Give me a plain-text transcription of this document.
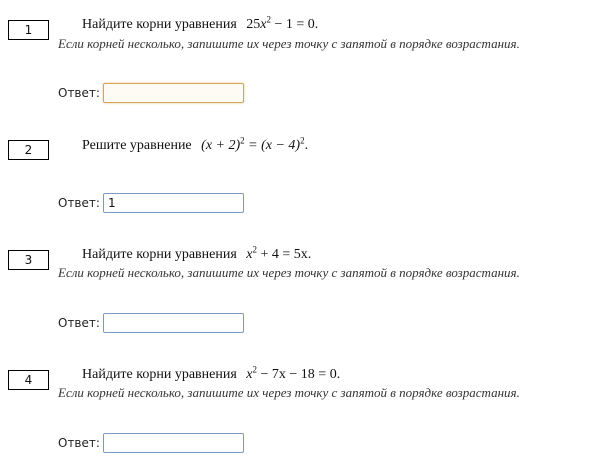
1	Найдите корни уравнения $25x^2 - 1 = 0$.
Если корней несколько, запишите их через точку с запятой в порядке возрастания.
Ответ:
2	Решите уравнение $(x + 2)^2 = (x - 4)^2$.
Ответ:
1
3	Найдите корни уравнения $x^2 + 4 = 5x$.
Если корней несколько, запишите их через точку с запятой в порядке возрастания.
Ответ:
4	Найдите корни уравнения $x^2 - 7x - 18 = 0$.
Если корней несколько, запишите их через точку с запятой в порядке возрастания.
Ответ:
